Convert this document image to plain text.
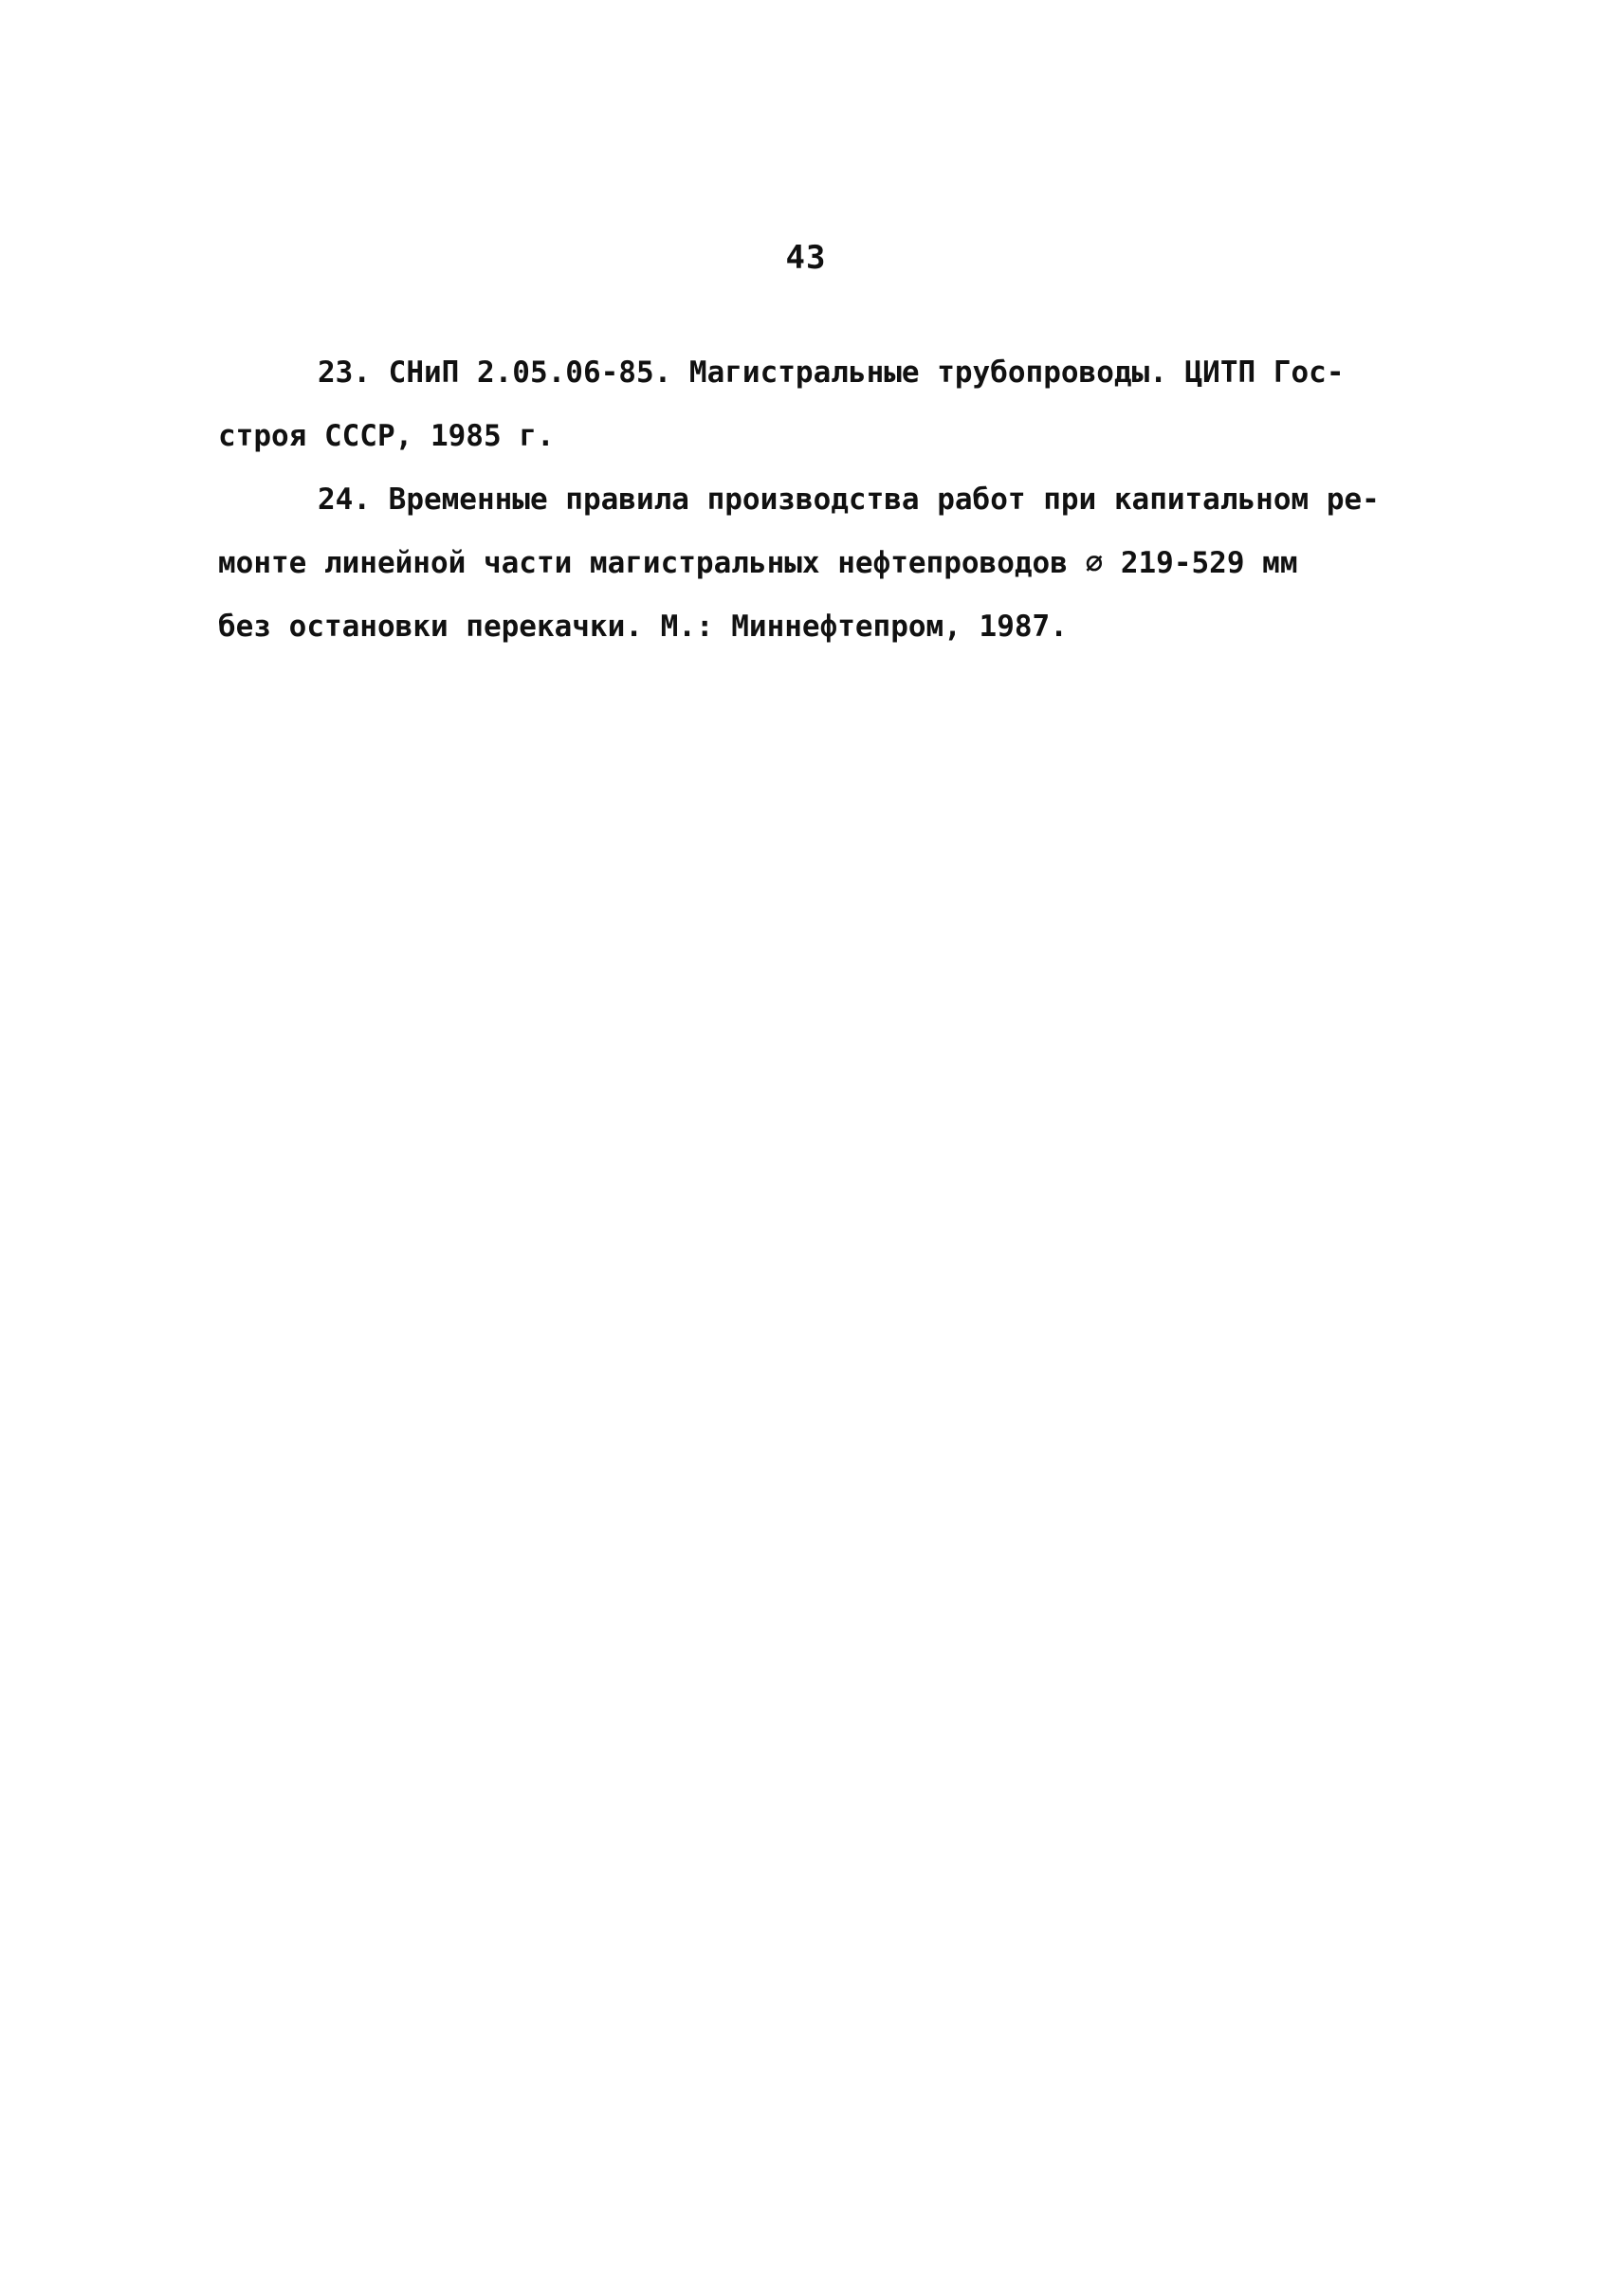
43

23. СНиП 2.05.06-85. Магистральные трубопроводы. ЦИТП Гос-
строя СССР, 1985 г.

24. Временные правила производства работ при капитальном ре-
монте линейной части магистральных нефтепроводов ∅ 219-529 мм
без остановки перекачки. М.: Миннефтепром, 1987.
